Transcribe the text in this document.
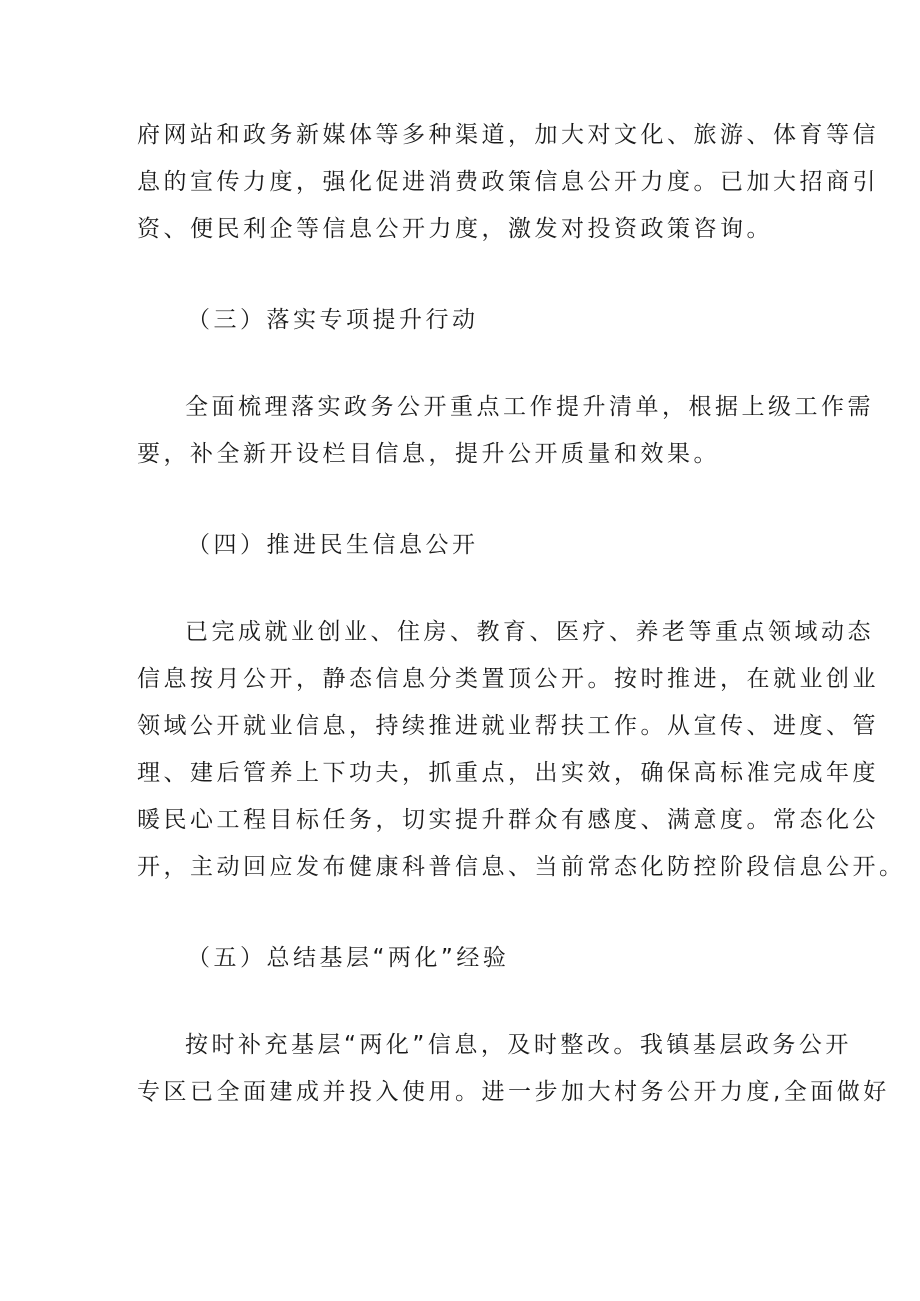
府网站和政务新媒体等多种渠道，加大对文化、旅游、体育等信
息的宣传力度，强化促进消费政策信息公开力度。已加大招商引
资、便民利企等信息公开力度，激发对投资政策咨询。
（三）落实专项提升行动
全面梳理落实政务公开重点工作提升清单，根据上级工作需
要，补全新开设栏目信息，提升公开质量和效果。
（四）推进民生信息公开
已完成就业创业、住房、教育、医疗、养老等重点领域动态
信息按月公开，静态信息分类置顶公开。按时推进，在就业创业
领域公开就业信息，持续推进就业帮扶工作。从宣传、进度、管
理、建后管养上下功夫，抓重点，出实效，确保高标准完成年度
暖民心工程目标任务，切实提升群众有感度、满意度。常态化公
开，主动回应发布健康科普信息、当前常态化防控阶段信息公开。
（五）总结基层“两化”经验
按时补充基层“两化”信息，及时整改。我镇基层政务公开
专区已全面建成并投入使用。进一步加大村务公开力度,全面做好
